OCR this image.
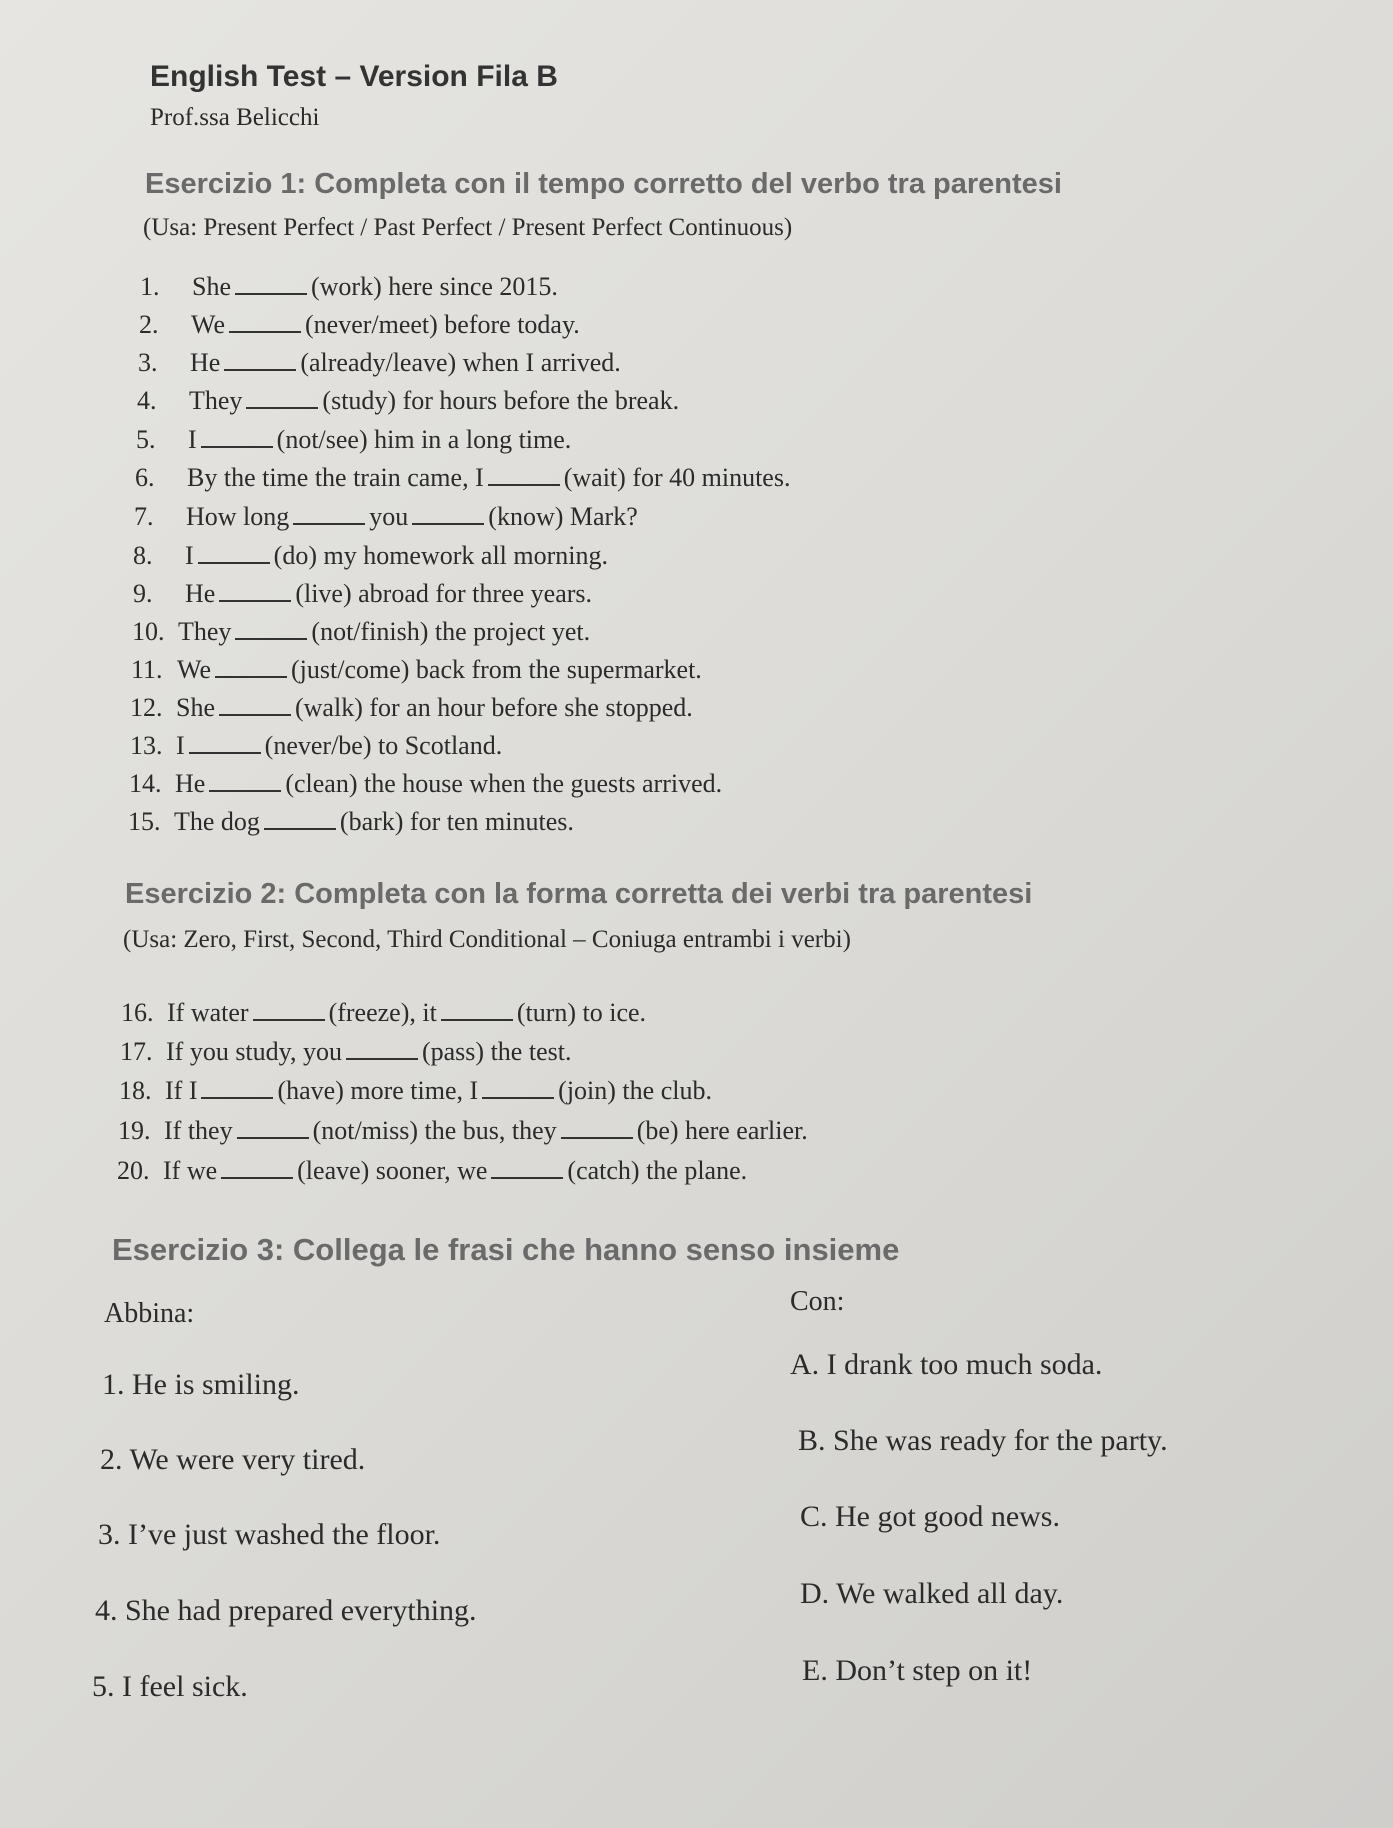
English Test – Version Fila B
Prof.ssa Belicchi
Esercizio 1: Completa con il tempo corretto del verbo tra parentesi
(Usa: Present Perfect / Past Perfect / Present Perfect Continuous)
1. She	(work) here since 2015.
2. We	(never/meet) before today.
3. He	(already/leave) when I arrived.
4. They	(study) for hours before the break.
5. I	(not/see) him in a long time.
6. By the time the train came, I	(wait) for 40 minutes.
7. How long	you	(know) Mark?
8. I	(do) my homework all morning.
9. He	(live) abroad for three years.
10. They	(not/finish) the project yet.
11. We	(just/come) back from the supermarket.
12. She	(walk) for an hour before she stopped.
13. I	(never/be) to Scotland.
14. He	(clean) the house when the guests arrived.
15. The dog	(bark) for ten minutes.
Esercizio 2: Completa con la forma corretta dei verbi tra parentesi
(Usa: Zero, First, Second, Third Conditional – Coniuga entrambi i verbi)
16. If water	(freeze), it	(turn) to ice.
17. If you study, you	(pass) the test.
18. If I	(have) more time, I	(join) the club.
19. If they	(not/miss) the bus, they	(be) here earlier.
20. If we	(leave) sooner, we	(catch) the plane.
Esercizio 3: Collega le frasi che hanno senso insieme
Abbina:	Con:
1. He is smiling.
2. We were very tired.
3. I’ve just washed the floor.
4. She had prepared everything.
5. I feel sick.
A. I drank too much soda.
B. She was ready for the party.
C. He got good news.
D. We walked all day.
E. Don’t step on it!
